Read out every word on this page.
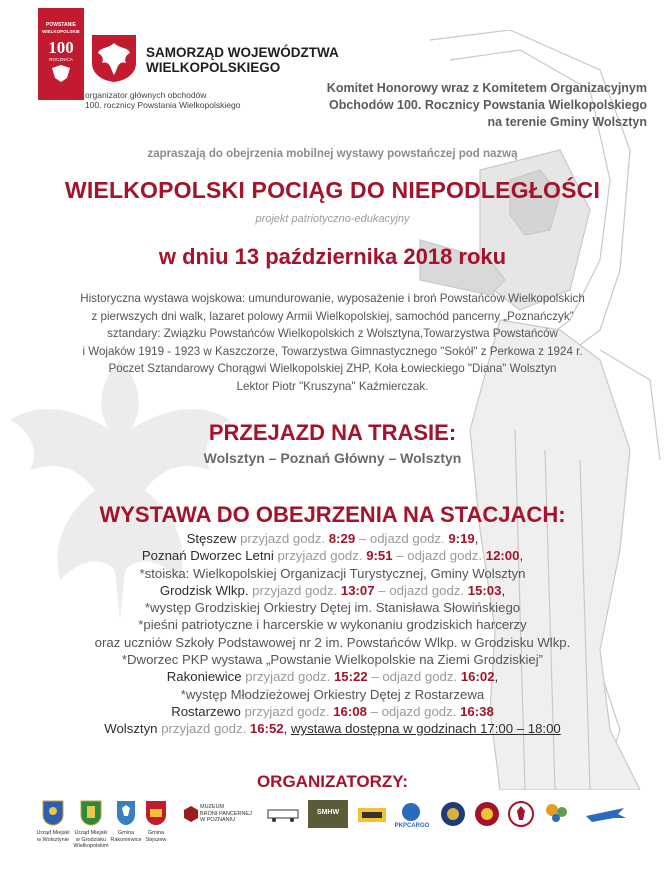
POWSTANIE
WIELKOPOLSKIE
100
ROCZNICA
organizator głównych obchodów
100. rocznicy Powstania Wielkopolskiego
SAMORZĄD WOJEWÓDZTWA
WIELKOPOLSKIEGO
Komitet Honorowy wraz z Komitetem Organizacyjnym
Obchodów 100. Rocznicy Powstania Wielkopolskiego
na terenie Gminy Wolsztyn
zapraszają do obejrzenia mobilnej wystawy powstańczej pod nazwą
WIELKOPOLSKI POCIĄG DO NIEPODLEGŁOŚCI
projekt patriotyczno-edukacyjny
w dniu 13 października 2018 roku
Historyczna wystawa wojskowa: umundurowanie, wyposażenie i broń Powstańców Wielkopolskich
z pierwszych dni walk, lazaret polowy Armii Wielkopolskiej, samochód pancerny „Poznańczyk”
sztandary: Związku Powstańców Wielkopolskich z Wolsztyna,Towarzystwa Powstańców
i Wojaków 1919 - 1923 w Kaszczorze, Towarzystwa Gimnastycznego "Sokół" z Perkowa z 1924 r.
Poczet Sztandarowy Chorągwi Wielkopolskiej ZHP, Koła Łowieckiego "Diana" Wolsztyn
Lektor Piotr "Kruszyna" Kaźmierczak.
PRZEJAZD NA TRASIE:
Wolsztyn – Poznań Główny – Wolsztyn
WYSTAWA DO OBEJRZENIA NA STACJACH:
Stęszew przyjazd godz. 8:29 – odjazd godz. 9:19,
Poznań Dworzec Letni przyjazd godz. 9:51 – odjazd godz. 12:00,
*stoiska: Wielkopolskiej Organizacji Turystycznej, Gminy Wolsztyn
Grodzisk Wlkp. przyjazd godz. 13:07 – odjazd godz. 15:03,
*występ Grodziskiej Orkiestry Dętej im. Stanisława Słowińskiego
*pieśni patriotyczne i harcerskie w wykonaniu grodziskich harcerzy
oraz uczniów Szkoły Podstawowej nr 2 im. Powstańców Wlkp. w Grodzisku Wlkp.
*Dworzec PKP wystawa „Powstanie Wielkopolskie na Ziemi Grodziskiej”
Rakoniewice przyjazd godz. 15:22 – odjazd godz. 16:02,
*występ Młodzieżowej Orkiestry Dętej z Rostarzewa
Rostarzewo przyjazd godz. 16:08 – odjazd godz. 16:38
Wolsztyn przyjazd godz. 16:52, wystawa dostępna w godzinach 17:00 – 18:00
ORGANIZATORZY:
Urząd Miejski
w Wolsztynie
Urząd Miejski
w Grodzisku
Wielkopolskim
Gmina
Rakoniewice
Gmina
Stęszew
MUZEUM
BRONI PANCERNEJ
W POZNANIU
SMHW
PKPCARGO
